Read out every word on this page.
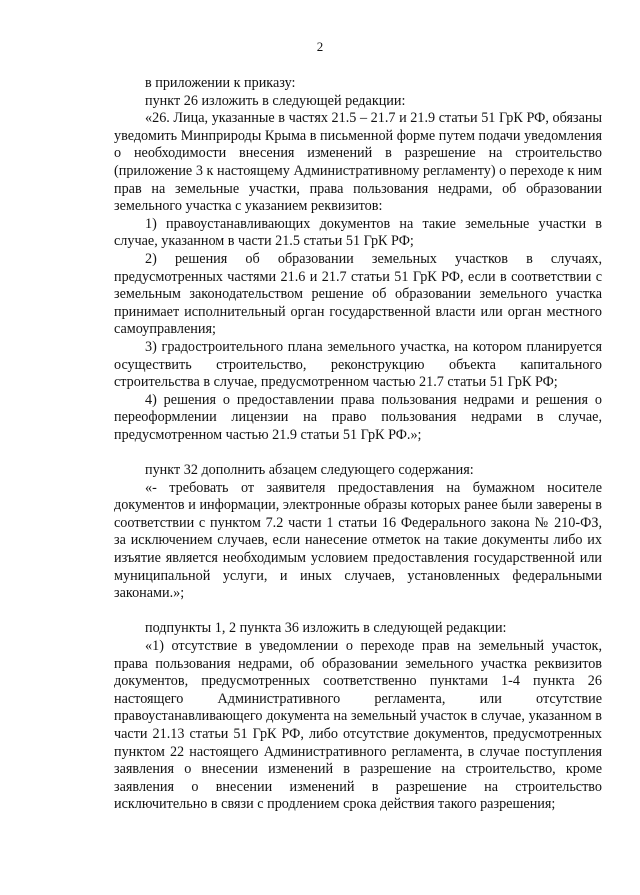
2

в приложении к приказу:

пункт 26 изложить в следующей редакции:

«26. Лица, указанные в частях 21.5 – 21.7 и 21.9 статьи 51 ГрК РФ, обязаны уведомить Минприроды Крыма в письменной форме путем подачи уведомления о необходимости внесения изменений в разрешение на строительство (приложение 3 к настоящему Административному регламенту) о переходе к ним прав на земельные участки, права пользования недрами, об образовании земельного участка с указанием реквизитов:

1) правоустанавливающих документов на такие земельные участки в случае, указанном в части 21.5 статьи 51 ГрК РФ;

2) решения об образовании земельных участков в случаях, предусмотренных частями 21.6 и 21.7 статьи 51 ГрК РФ, если в соответствии с земельным законодательством решение об образовании земельного участка принимает исполнительный орган государственной власти или орган местного самоуправления;

3) градостроительного плана земельного участка, на котором планируется осуществить строительство, реконструкцию объекта капитального строительства в случае, предусмотренном частью 21.7 статьи 51 ГрК РФ;

4) решения о предоставлении права пользования недрами и решения о переоформлении лицензии на право пользования недрами в случае, предусмотренном частью 21.9 статьи 51 ГрК РФ.»;

пункт 32 дополнить абзацем следующего содержания:

«- требовать от заявителя предоставления на бумажном носителе документов и информации, электронные образы которых ранее были заверены в соответствии с пунктом 7.2 части 1 статьи 16 Федерального закона № 210-ФЗ, за исключением случаев, если нанесение отметок на такие документы либо их изъятие является необходимым условием предоставления государственной или муниципальной услуги, и иных случаев, установленных федеральными законами.»;

подпункты 1, 2 пункта 36 изложить в следующей редакции:

«1) отсутствие в уведомлении о переходе прав на земельный участок, права пользования недрами, об образовании земельного участка реквизитов документов, предусмотренных соответственно пунктами 1-4 пункта 26 настоящего Административного регламента, или отсутствие правоустанавливающего документа на земельный участок в случае, указанном в части 21.13 статьи 51 ГрК РФ, либо отсутствие документов, предусмотренных пунктом 22 настоящего Административного регламента, в случае поступления заявления о внесении изменений в разрешение на строительство, кроме заявления о внесении изменений в разрешение на строительство исключительно в связи с продлением срока действия такого разрешения;
